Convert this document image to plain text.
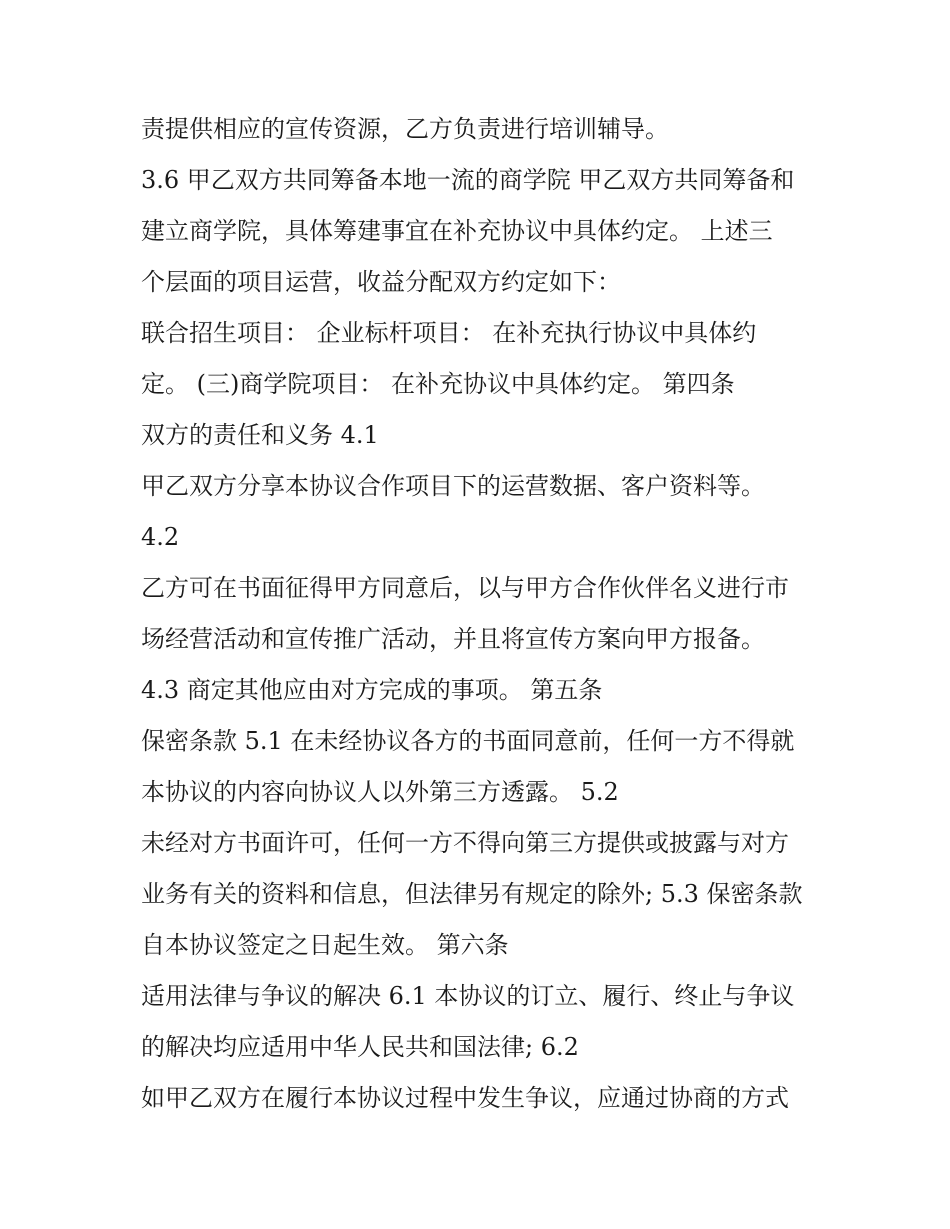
责提供相应的宣传资源，乙方负责进行培训辅导。
3.6 甲乙双方共同筹备本地一流的商学院 甲乙双方共同筹备和
建立商学院，具体筹建事宜在补充协议中具体约定。 上述三
个层面的项目运营，收益分配双方约定如下：
联合招生项目： 企业标杆项目： 在补充执行协议中具体约
定。 (三)商学院项目： 在补充协议中具体约定。 第四条
双方的责任和义务 4.1
甲乙双方分享本协议合作项目下的运营数据、客户资料等。
4.2
乙方可在书面征得甲方同意后，以与甲方合作伙伴名义进行市
场经营活动和宣传推广活动，并且将宣传方案向甲方报备。
4.3 商定其他应由对方完成的事项。 第五条
保密条款 5.1 在未经协议各方的书面同意前，任何一方不得就
本协议的内容向协议人以外第三方透露。 5.2
未经对方书面许可，任何一方不得向第三方提供或披露与对方
业务有关的资料和信息，但法律另有规定的除外; 5.3 保密条款
自本协议签定之日起生效。 第六条
适用法律与争议的解决 6.1 本协议的订立、履行、终止与争议
的解决均应适用中华人民共和国法律; 6.2
如甲乙双方在履行本协议过程中发生争议，应通过协商的方式
